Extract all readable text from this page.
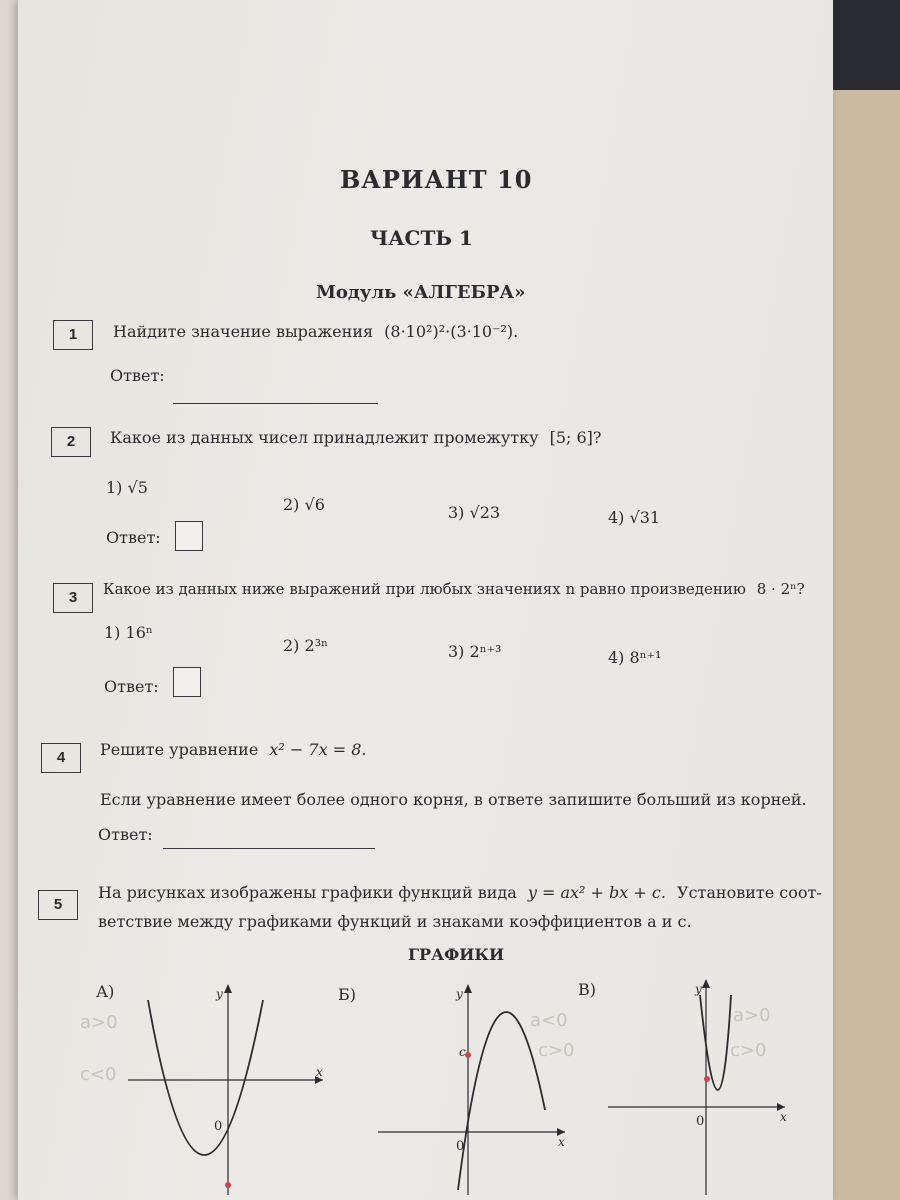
ВАРИАНТ 10
ЧАСТЬ 1
Модуль «АЛГЕБРА»
1	Найдите значение выражения (8·10²)²·(3·10⁻²).
Ответ:
2	Какое из данных чисел принадлежит промежутку [5; 6]?
1) √5
2) √6	3) √23	4) √31
Ответ:
3	Какое из данных ниже выражений при любых значениях n равно произведению 8 · 2ⁿ?
1) 16ⁿ
2) 2³ⁿ	3) 2ⁿ⁺³	4) 8ⁿ⁺¹
Ответ:
4	Решите уравнение x² − 7x = 8.
Если уравнение имеет более одного корня, в ответе запишите больший из корней.
Ответ:
5
На рисунках изображены графики функций вида y = ax² + bx + c. Установите соот-
ветствие между графиками функций и знаками коэффициентов a и c.
ГРАФИКИ
А)
a>0
c<0	x
y
0
Б)
a<0
c>0
c
x
y
0
В)
a>0
c>0
x
y
0
